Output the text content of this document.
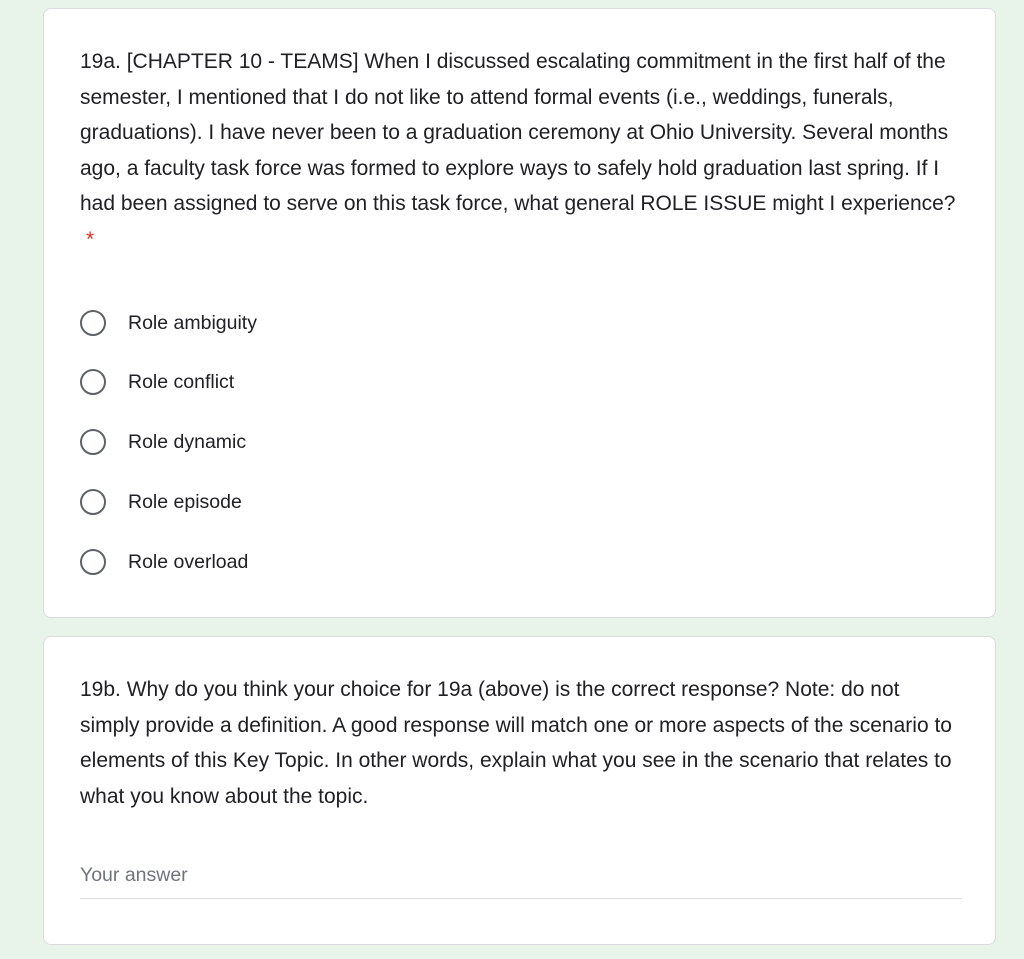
19a. [CHAPTER 10 - TEAMS] When I discussed escalating commitment in the first half of the semester, I mentioned that I do not like to attend formal events (i.e., weddings, funerals, graduations). I have never been to a graduation ceremony at Ohio University. Several months ago, a faculty task force was formed to explore ways to safely hold graduation last spring. If I had been assigned to serve on this task force, what general ROLE ISSUE might I experience?*

Role ambiguity
Role conflict
Role dynamic
Role episode
Role overload

19b. Why do you think your choice for 19a (above) is the correct response? Note: do not simply provide a definition. A good response will match one or more aspects of the scenario to elements of this Key Topic. In other words, explain what you see in the scenario that relates to what you know about the topic.

Your answer
